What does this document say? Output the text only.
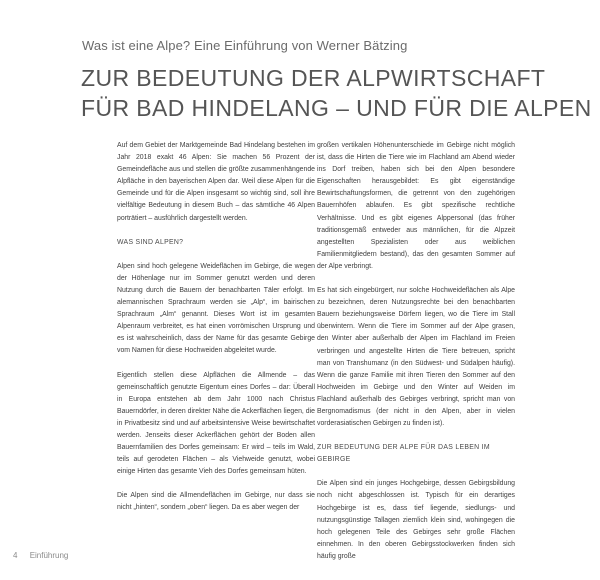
Was ist eine Alpe? Eine Einführung von Werner Bätzing
ZUR BEDEUTUNG DER ALPWIRTSCHAFT
FÜR BAD HINDELANG – UND FÜR DIE ALPEN

Auf dem Gebiet der Marktgemeinde Bad Hindelang bestehen im Jahr 2018 exakt 46 Alpen: Sie machen 56 Prozent der Gemeindefläche aus und stellen die größte zusammenhängende Alpfläche in den bayerischen Alpen dar. Weil diese Alpen für die Gemeinde und für die Alpen insgesamt so wichtig sind, soll ihre vielfältige Bedeutung in diesem Buch – das sämtliche 46 Alpen porträtiert – ausführlich dargestellt werden.

WAS SIND ALPEN?

Alpen sind hoch gelegene Weideflächen im Gebirge, die wegen der Höhenlage nur im Sommer genutzt werden und deren Nutzung durch die Bauern der benachbarten Täler erfolgt. Im alemannischen Sprachraum werden sie „Alp“, im bairischen Sprachraum „Alm“ genannt. Dieses Wort ist im gesamten Alpenraum verbreitet, es hat einen vorrömischen Ursprung und es ist wahrscheinlich, dass der Name für das gesamte Gebirge vom Namen für diese Hochweiden abgeleitet wurde.

Eigentlich stellen diese Alpflächen die Allmende – das gemeinschaftlich genutzte Eigentum eines Dorfes – dar: Überall in Europa entstehen ab dem Jahr 1000 nach Christus Bauerndörfer, in deren direkter Nähe die Ackerflächen liegen, die in Privatbesitz sind und auf arbeitsintensive Weise bewirtschaftet werden. Jenseits dieser Ackerflächen gehört der Boden allen Bauernfamilien des Dorfes gemeinsam: Er wird – teils im Wald, teils auf gerodeten Flächen – als Viehweide genutzt, wobei einige Hirten das gesamte Vieh des Dorfes gemeinsam hüten.

Die Alpen sind die Allmendeflächen im Gebirge, nur dass sie nicht „hinten“, sondern „oben“ liegen. Da es aber wegen der

großen vertikalen Höhenunterschiede im Gebirge nicht möglich ist, dass die Hirten die Tiere wie im Flachland am Abend wieder ins Dorf treiben, haben sich bei den Alpen besondere Eigenschaften herausgebildet: Es gibt eigenständige Bewirtschaftungsformen, die getrennt von den zugehörigen Bauernhöfen ablaufen. Es gibt spezifische rechtliche Verhältnisse. Und es gibt eigenes Alppersonal (das früher traditionsgemäß entweder aus männlichen, für die Alpzeit angestellten Spezialisten oder aus weiblichen Familienmitgliedern bestand), das den gesamten Sommer auf der Alpe verbringt.

Es hat sich eingebürgert, nur solche Hochweideflächen als Alpe zu bezeichnen, deren Nutzungsrechte bei den benachbarten Bauern beziehungsweise Dörfern liegen, wo die Tiere im Stall überwintern. Wenn die Tiere im Sommer auf der Alpe grasen, den Winter aber außerhalb der Alpen im Flachland im Freien verbringen und angestellte Hirten die Tiere betreuen, spricht man von Transhumanz (in den Südwest- und Südalpen häufig). Wenn die ganze Familie mit ihren Tieren den Sommer auf den Hochweiden im Gebirge und den Winter auf Weiden im Flachland außerhalb des Gebirges verbringt, spricht man von Bergnomadismus (der nicht in den Alpen, aber in vielen vorderasiatischen Gebirgen zu finden ist).

ZUR BEDEUTUNG DER ALPE FÜR DAS LEBEN IM GEBIRGE

Die Alpen sind ein junges Hochgebirge, dessen Gebirgsbildung noch nicht abgeschlossen ist. Typisch für ein derartiges Hochgebirge ist es, dass tief liegende, siedlungs- und nutzungsgünstige Tallagen ziemlich klein sind, wohingegen die hoch gelegenen Teile des Gebirges sehr große Flächen einnehmen. In den oberen Gebirgsstockwerken finden sich häufig große

4 Einführung
